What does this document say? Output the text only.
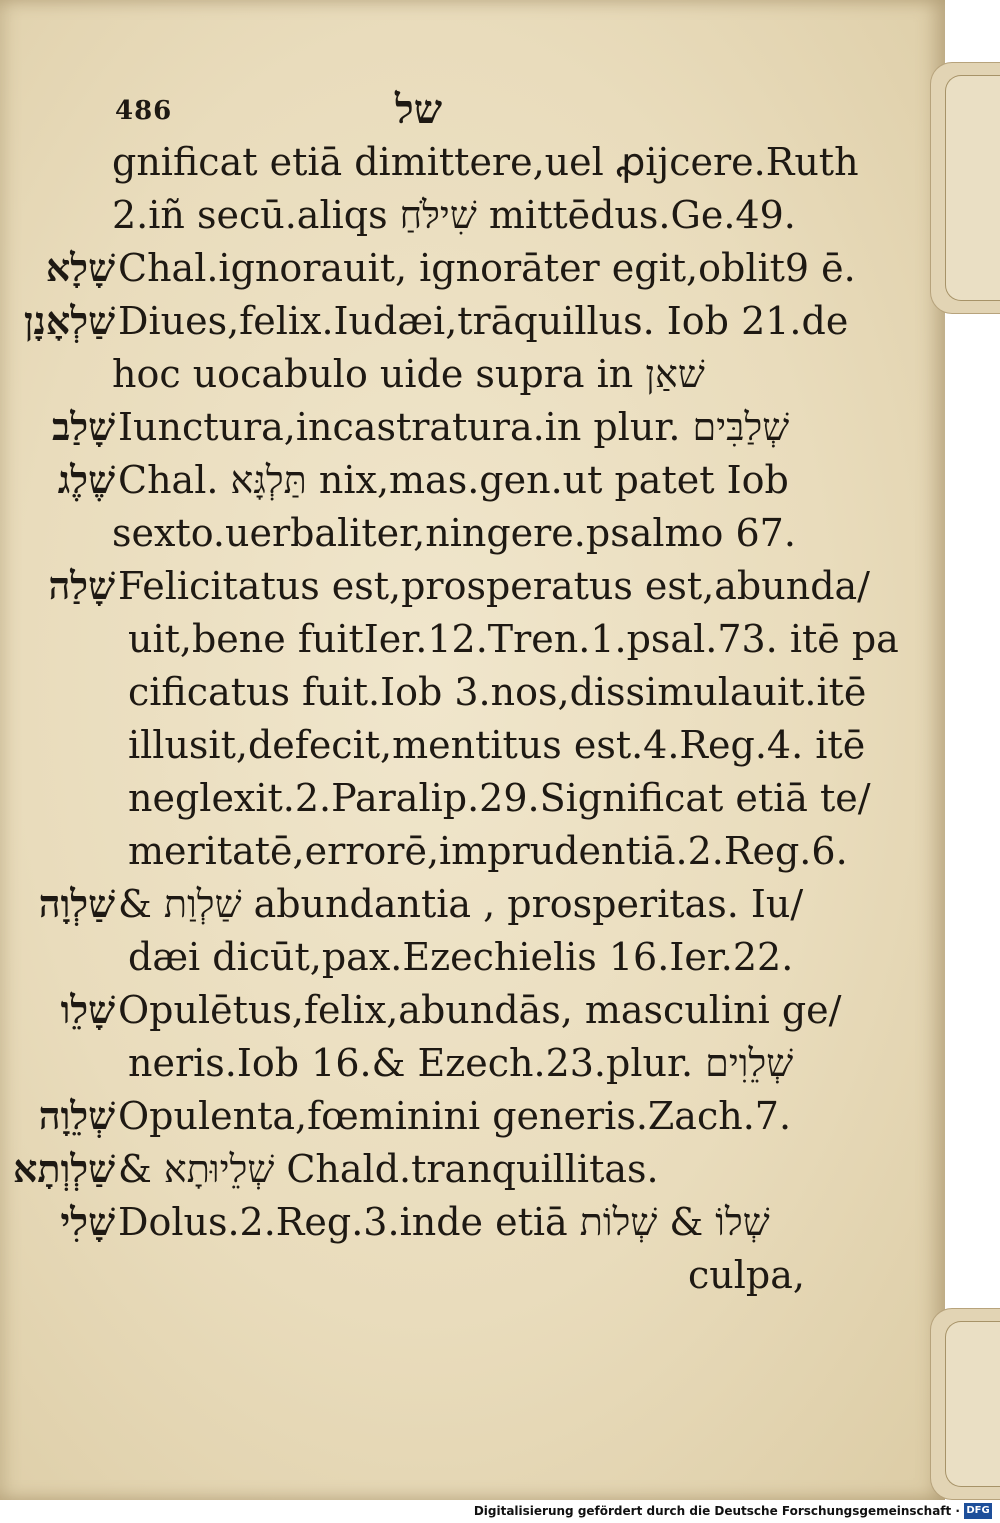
486	של
gnificat etiā dimittere,uel ꝓijcere.Ruth
2.iñ secū.aliqs שִׁילֹּחַ mittēdus.Ge.49.
שָׁלָא Chal.ignorauit, ignorāter egit,oblit9 ē.
שַׁלְאָנָן Diues,felix.Iudæi,trāquillus. Iob 21.de
hoc uocabulo uide supra in שׁאַן
שָׁלַב Iunctura,incastratura.in plur. שְׁלַבִּים
שֶׁלֶג Chal. תַּלְגָּא nix,mas.gen.ut patet Iob
sexto.uerbaliter,ningere.psalmo 67.
שָׁלַה Felicitatus est,prosperatus est,abunda/
uit,bene fuitIer.12.Tren.1.psal.73. itē pa
cificatus fuit.Iob 3.nos,dissimulauit.itē
illusit,defecit,mentitus est.4.Reg.4. itē
neglexit.2.Paralip.29.Significat etiā te/
meritatē,errorē,imprudentiā.2.Reg.6.
שַׁלְוָה & שַׁלְוַת abundantia , prosperitas. Iu/
dæi dicūt,pax.Ezechielis 16.Ier.22.
שָׁלֵו Opulētus,felix,abundās, masculini ge/
neris.Iob 16.& Ezech.23.plur. שְׁלֵוִים
שְׁלֵוָה Opulenta,fœminini generis.Zach.7.
שַׁלְוְתָא & שְׁלֵיוּתָא Chald.tranquillitas.
שָׁלִי Dolus.2.Reg.3.inde etiā שְׁלוֹ & שְׁלוֹת
culpa,
Digitalisierung gefördert durch die Deutsche Forschungsgemeinschaft · DFG
